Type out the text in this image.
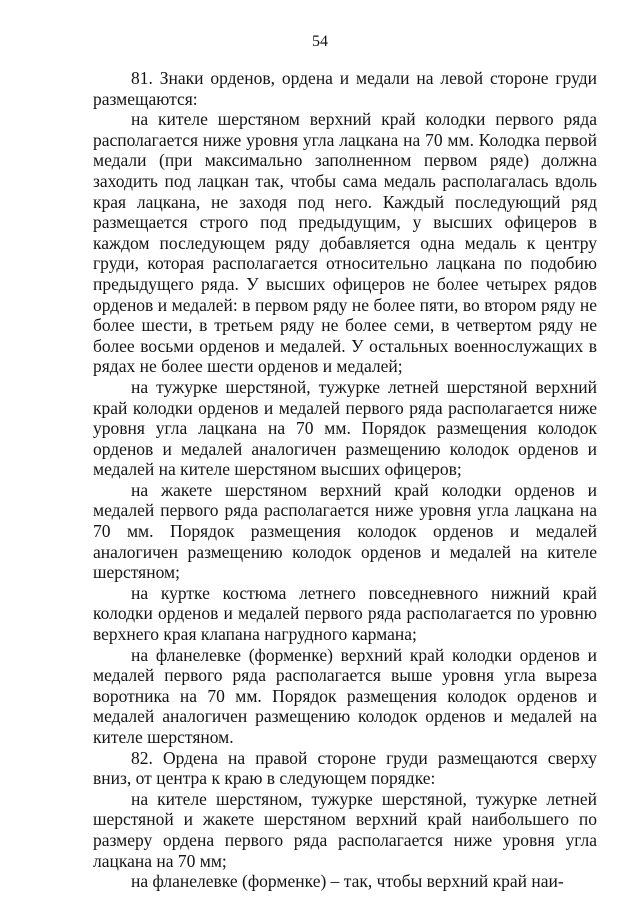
54

81. Знаки орденов, ордена и медали на левой стороне груди размещаются:

на кителе шерстяном верхний край колодки первого ряда располагается ниже уровня угла лацкана на 70 мм. Колодка первой медали (при максимально заполненном первом ряде) должна заходить под лацкан так, чтобы сама медаль располагалась вдоль края лацкана, не заходя под него. Каждый последующий ряд размещается строго под предыдущим, у высших офицеров в каждом последующем ряду добавляется одна медаль к центру груди, которая располагается относительно лацкана по подобию предыдущего ряда. У высших офицеров не более четырех рядов орденов и медалей: в первом ряду не более пяти, во втором ряду не более шести, в третьем ряду не более семи, в четвертом ряду не более восьми орденов и медалей. У остальных военнослужащих в рядах не более шести орденов и медалей;

на тужурке шерстяной, тужурке летней шерстяной верхний край колодки орденов и медалей первого ряда располагается ниже уровня угла лацкана на 70 мм. Порядок размещения колодок орденов и медалей аналогичен размещению колодок орденов и медалей на кителе шерстяном высших офицеров;

на жакете шерстяном верхний край колодки орденов и медалей первого ряда располагается ниже уровня угла лацкана на 70 мм. Порядок размещения колодок орденов и медалей аналогичен размещению колодок орденов и медалей на кителе шерстяном;

на куртке костюма летнего повседневного нижний край колодки орденов и медалей первого ряда располагается по уровню верхнего края клапана нагрудного кармана;

на фланелевке (форменке) верхний край колодки орденов и медалей первого ряда располагается выше уровня угла выреза воротника на 70 мм. Порядок размещения колодок орденов и медалей аналогичен размещению колодок орденов и медалей на кителе шерстяном.

82. Ордена на правой стороне груди размещаются сверху вниз, от центра к краю в следующем порядке:

на кителе шерстяном, тужурке шерстяной, тужурке летней шерстяной и жакете шерстяном верхний край наибольшего по размеру ордена первого ряда располагается ниже уровня угла лацкана на 70 мм;

на фланелевке (форменке) – так, чтобы верхний край наи-
